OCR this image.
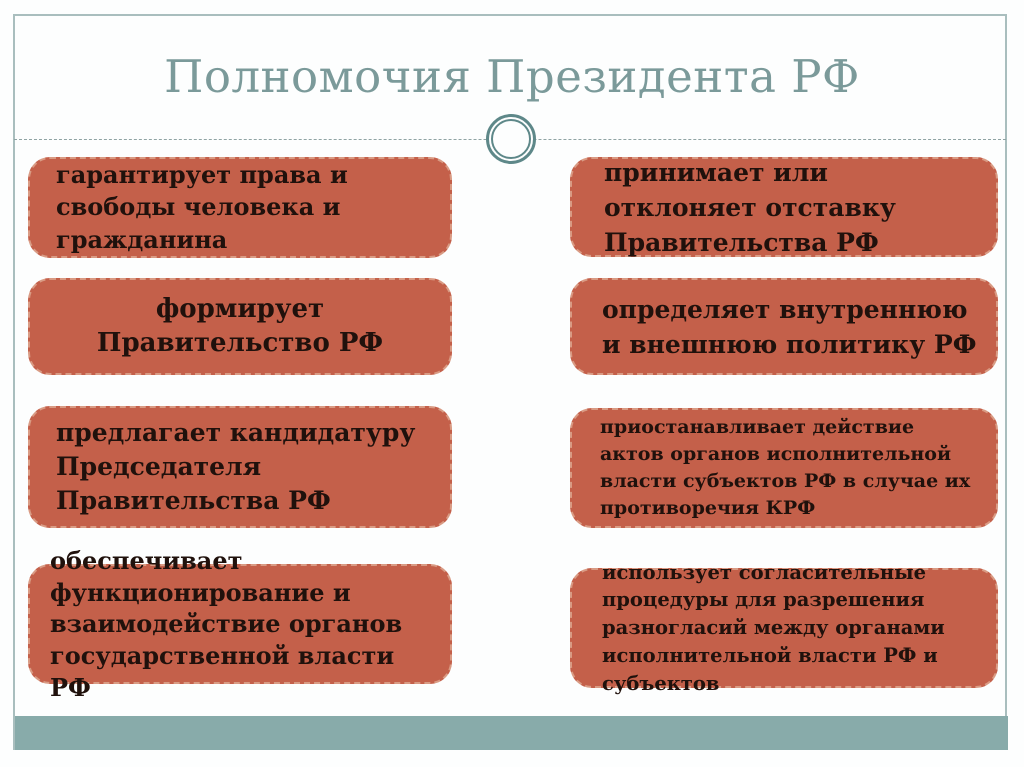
Полномочия Президента РФ
гарантирует права и свободы человека и гражданина
формирует Правительство РФ
предлагает кандидатуру Председателя Правительства РФ
обеспечивает функционирование и взаимодействие органов государственной власти РФ
принимает или отклоняет отставку Правительства РФ
определяет внутреннюю и внешнюю политику РФ
приостанавливает действие актов органов исполнительной власти субъектов РФ в случае их противоречия КРФ
использует согласительные процедуры для разрешения разногласий между органами исполнительной власти РФ и субъектов
